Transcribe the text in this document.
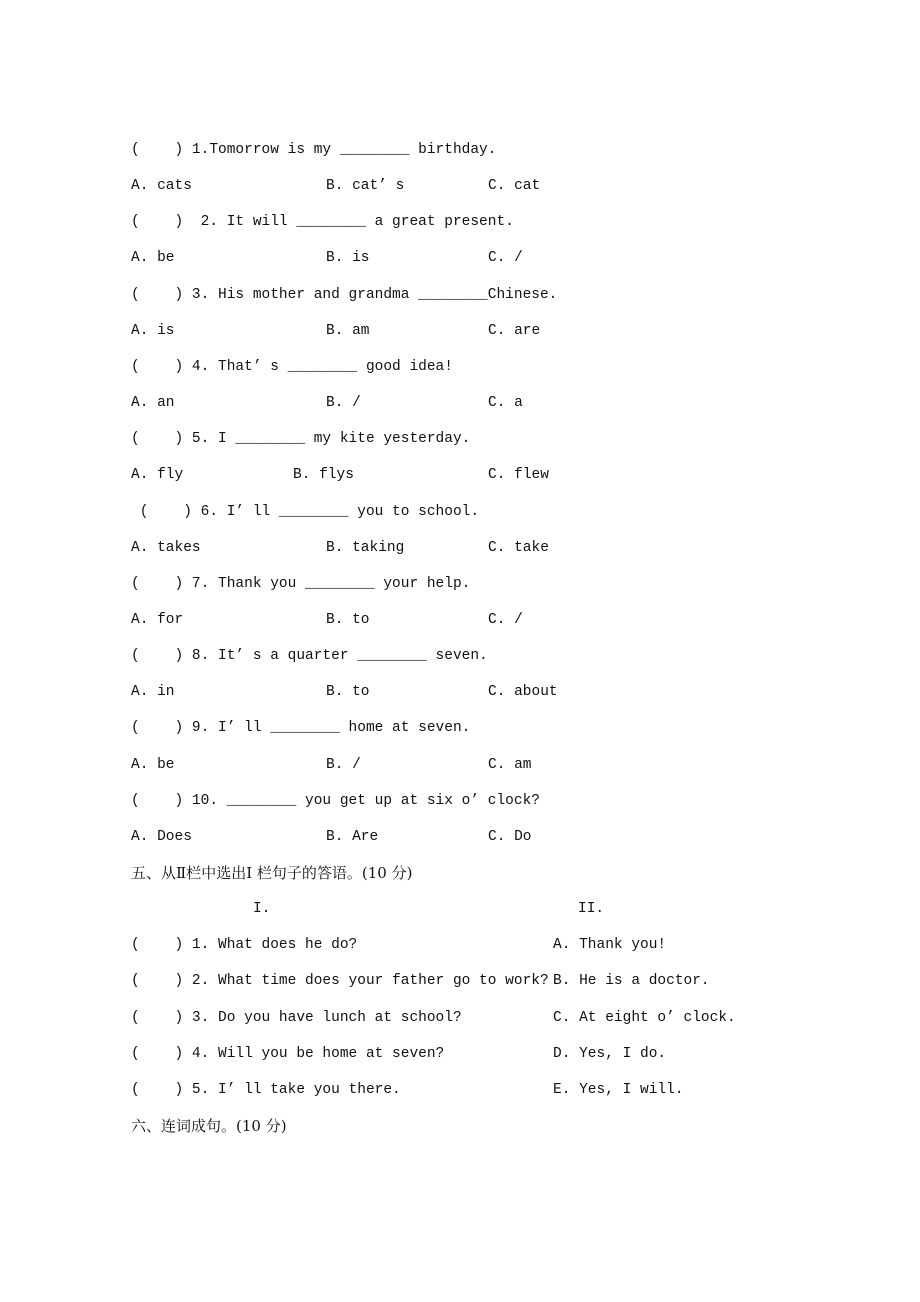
(    ) 1.Tomorrow is my ________ birthday.
A. cats	B. cat’ s	C. cat
(    )  2. It will ________ a great present.
A. be	B. is	C. /
(    ) 3. His mother and grandma ________Chinese.
A. is	B. am	C. are
(    ) 4. That’ s ________ good idea!
A. an	B. /	C. a
(    ) 5. I ________ my kite yesterday.
A. fly	B. flys	C. flew
(    ) 6. I’ ll ________ you to school.
A. takes	B. taking	C. take
(    ) 7. Thank you ________ your help.
A. for	B. to	C. /
(    ) 8. It’ s a quarter ________ seven.
A. in	B. to	C. about
(    ) 9. I’ ll ________ home at seven.
A. be	B. /	C. am
(    ) 10. ________ you get up at six o’ clock?
A. Does	B. Are	C. Do
五、从Ⅱ栏中选出Ⅰ 栏句子的答语。(10 分)
I.	II.
(    ) 1. What does he do?	A. Thank you!
(    ) 2. What time does your father go to work? B. He is a doctor.
(    ) 3. Do you have lunch at school?	C. At eight o’ clock.
(    ) 4. Will you be home at seven?	D. Yes, I do.
(    ) 5. I’ ll take you there.	E. Yes, I will.
六、连词成句。(10 分)
